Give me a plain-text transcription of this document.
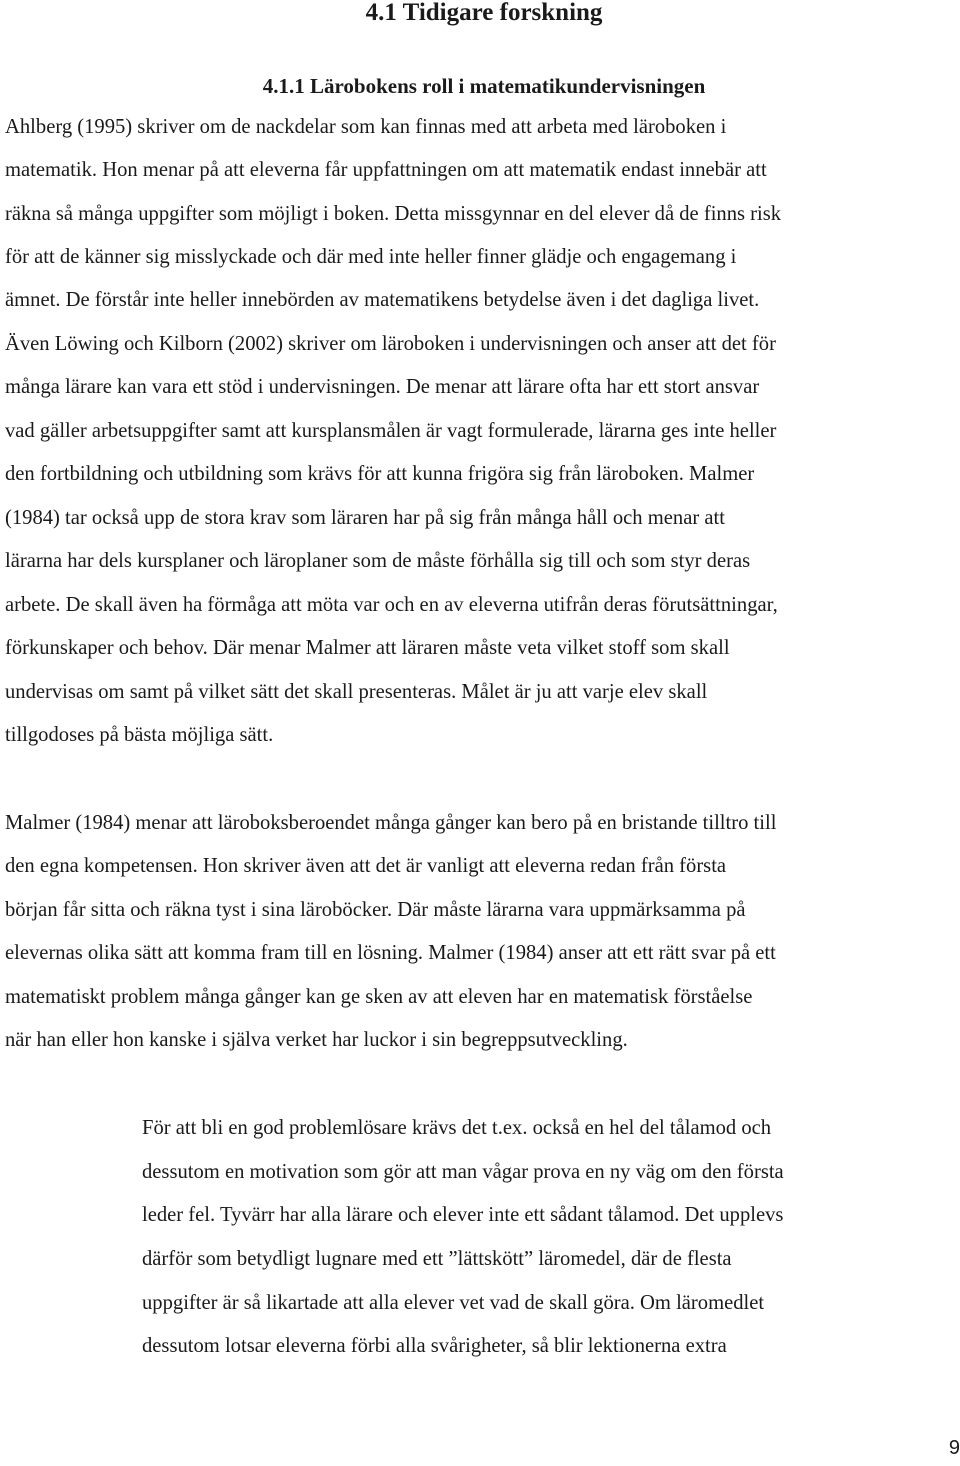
4.1 Tidigare forskning
4.1.1 Lärobokens roll i matematikundervisningen

Ahlberg (1995) skriver om de nackdelar som kan finnas med att arbeta med läroboken i

matematik. Hon menar på att eleverna får uppfattningen om att matematik endast innebär att

räkna så många uppgifter som möjligt i boken. Detta missgynnar en del elever då de finns risk

för att de känner sig misslyckade och där med inte heller finner glädje och engagemang i

ämnet. De förstår inte heller innebörden av matematikens betydelse även i det dagliga livet.

Även Löwing och Kilborn (2002) skriver om läroboken i undervisningen och anser att det för

många lärare kan vara ett stöd i undervisningen. De menar att lärare ofta har ett stort ansvar

vad gäller arbetsuppgifter samt att kursplansmålen är vagt formulerade, lärarna ges inte heller

den fortbildning och utbildning som krävs för att kunna frigöra sig från läroboken. Malmer

(1984) tar också upp de stora krav som läraren har på sig från många håll och menar att

lärarna har dels kursplaner och läroplaner som de måste förhålla sig till och som styr deras

arbete. De skall även ha förmåga att möta var och en av eleverna utifrån deras förutsättningar,

förkunskaper och behov. Där menar Malmer att läraren måste veta vilket stoff som skall

undervisas om samt på vilket sätt det skall presenteras. Målet är ju att varje elev skall

tillgodoses på bästa möjliga sätt.

Malmer (1984) menar att läroboksberoendet många gånger kan bero på en bristande tilltro till

den egna kompetensen. Hon skriver även att det är vanligt att eleverna redan från första

början får sitta och räkna tyst i sina läroböcker. Där måste lärarna vara uppmärksamma på

elevernas olika sätt att komma fram till en lösning. Malmer (1984) anser att ett rätt svar på ett

matematiskt problem många gånger kan ge sken av att eleven har en matematisk förståelse

när han eller hon kanske i själva verket har luckor i sin begreppsutveckling.

För att bli en god problemlösare krävs det t.ex. också en hel del tålamod och

dessutom en motivation som gör att man vågar prova en ny väg om den första

leder fel. Tyvärr har alla lärare och elever inte ett sådant tålamod. Det upplevs

därför som betydligt lugnare med ett ”lättskött” läromedel, där de flesta

uppgifter är så likartade att alla elever vet vad de skall göra. Om läromedlet

dessutom lotsar eleverna förbi alla svårigheter, så blir lektionerna extra

9
